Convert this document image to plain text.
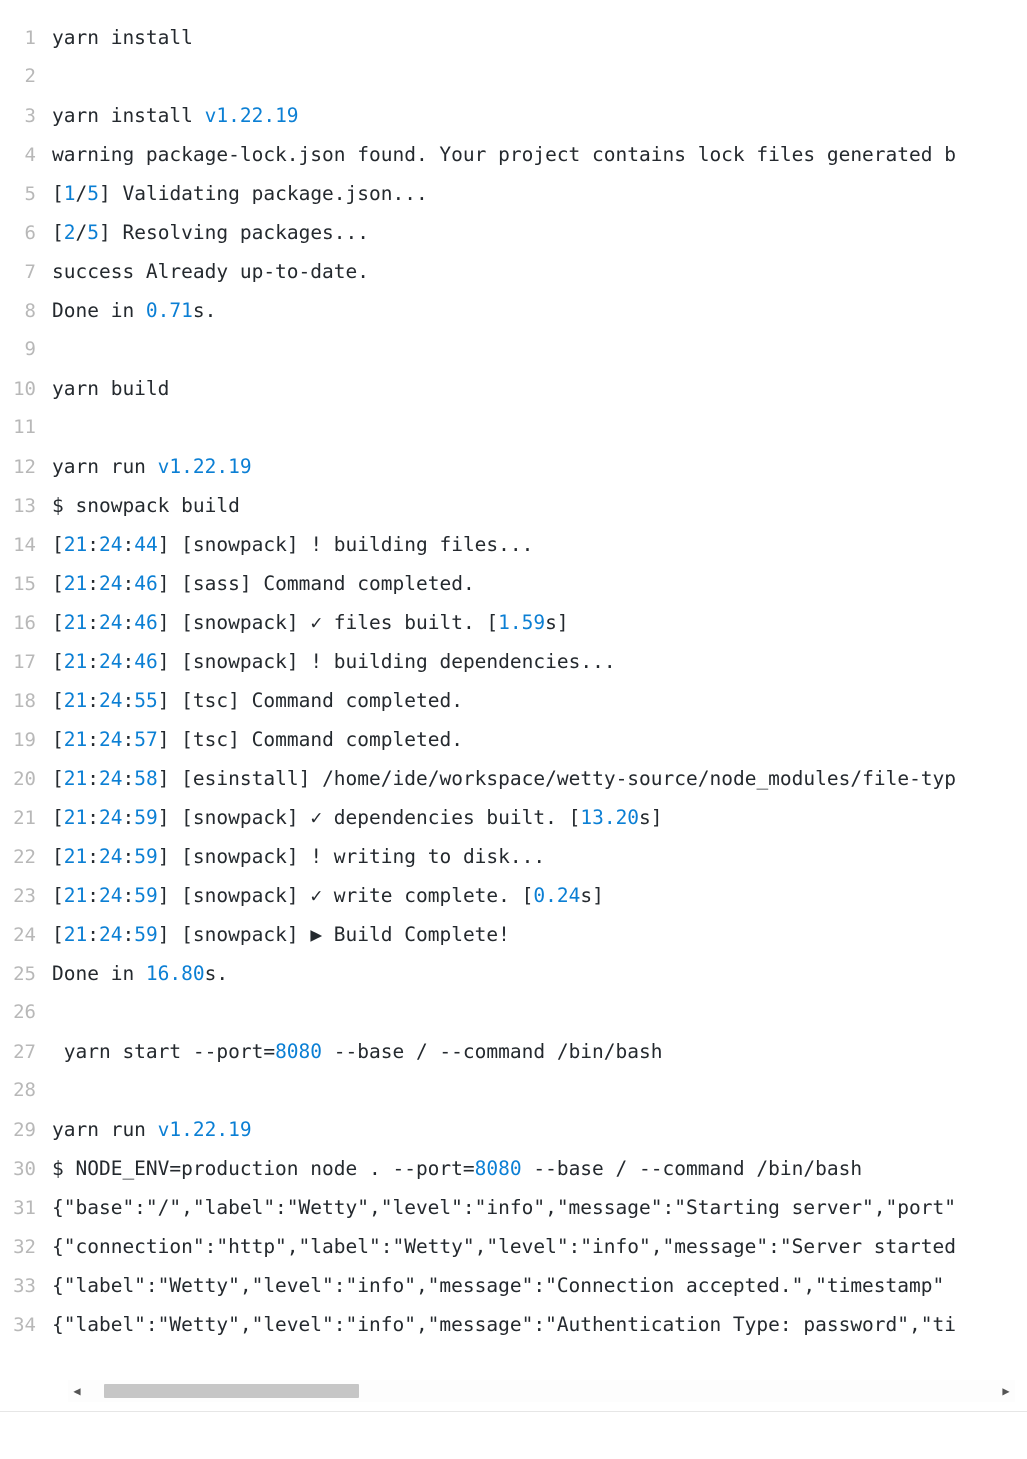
1 yarn install
2
3 yarn install v1.22.19
4 warning package-lock.json found. Your project contains lock files generated b
5 [1/5] Validating package.json...
6 [2/5] Resolving packages...
7 success Already up-to-date.
8 Done in 0.71s.
9
10 yarn build
11
12 yarn run v1.22.19
13 $ snowpack build
14 [21:24:44] [snowpack] ! building files...
15 [21:24:46] [sass] Command completed.
16 [21:24:46] [snowpack] ✓ files built. [1.59s]
17 [21:24:46] [snowpack] ! building dependencies...
18 [21:24:55] [tsc] Command completed.
19 [21:24:57] [tsc] Command completed.
20 [21:24:58] [esinstall] /home/ide/workspace/wetty-source/node_modules/file-typ
21 [21:24:59] [snowpack] ✓ dependencies built. [13.20s]
22 [21:24:59] [snowpack] ! writing to disk...
23 [21:24:59] [snowpack] ✓ write complete. [0.24s]
24 [21:24:59] [snowpack] ▶ Build Complete!
25 Done in 16.80s.
26
27 yarn start --port=8080 --base / --command /bin/bash
28
29 yarn run v1.22.19
30 $ NODE_ENV=production node . --port=8080 --base / --command /bin/bash
31 {"base":"/","label":"Wetty","level":"info","message":"Starting server","port"
32 {"connection":"http","label":"Wetty","level":"info","message":"Server started
33 {"label":"Wetty","level":"info","message":"Connection accepted.","timestamp"
34 {"label":"Wetty","level":"info","message":"Authentication Type: password","ti
◀	▶
